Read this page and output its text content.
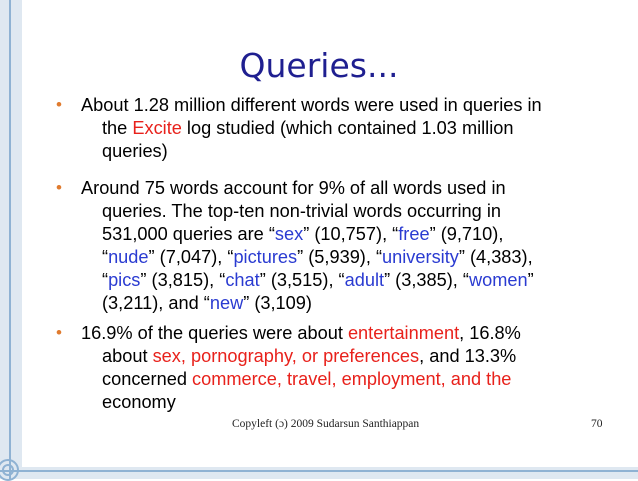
Queries...
• About 1.28 million different words were used in queries in
the Excite log studied (which contained 1.03 million
queries)
• Around 75 words account for 9% of all words used in
queries. The top-ten non-trivial words occurring in
531,000 queries are “sex” (10,757), “free” (9,710),
“nude” (7,047), “pictures” (5,939), “university” (4,383),
“pics” (3,815), “chat” (3,515), “adult” (3,385), “women”
(3,211), and “new” (3,109)
• 16.9% of the queries were about entertainment, 16.8%
about sex, pornography, or preferences, and 13.3%
concerned commerce, travel, employment, and the
economy
Copyleft (ɔ) 2009 Sudarsun Santhiappan	70
